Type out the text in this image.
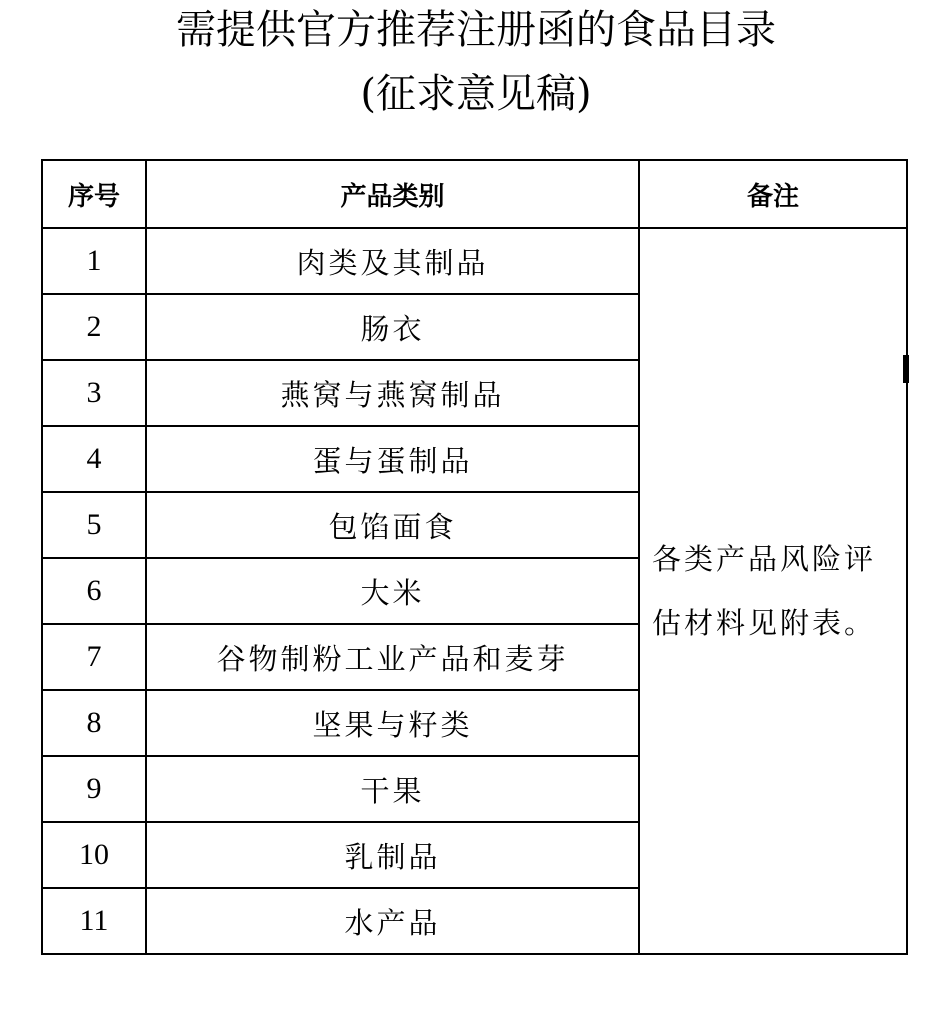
需提供官方推荐注册函的食品目录
(征求意见稿)
序号	产品类别	备注
1	肉类及其制品	各类产品风险评估材料见附表。
2	肠衣	
3	燕窝与燕窝制品	
4	蛋与蛋制品	
5	包馅面食	
6	大米	
7	谷物制粉工业产品和麦芽	
8	坚果与籽类	
9	干果	
10	乳制品	
11	水产品	
